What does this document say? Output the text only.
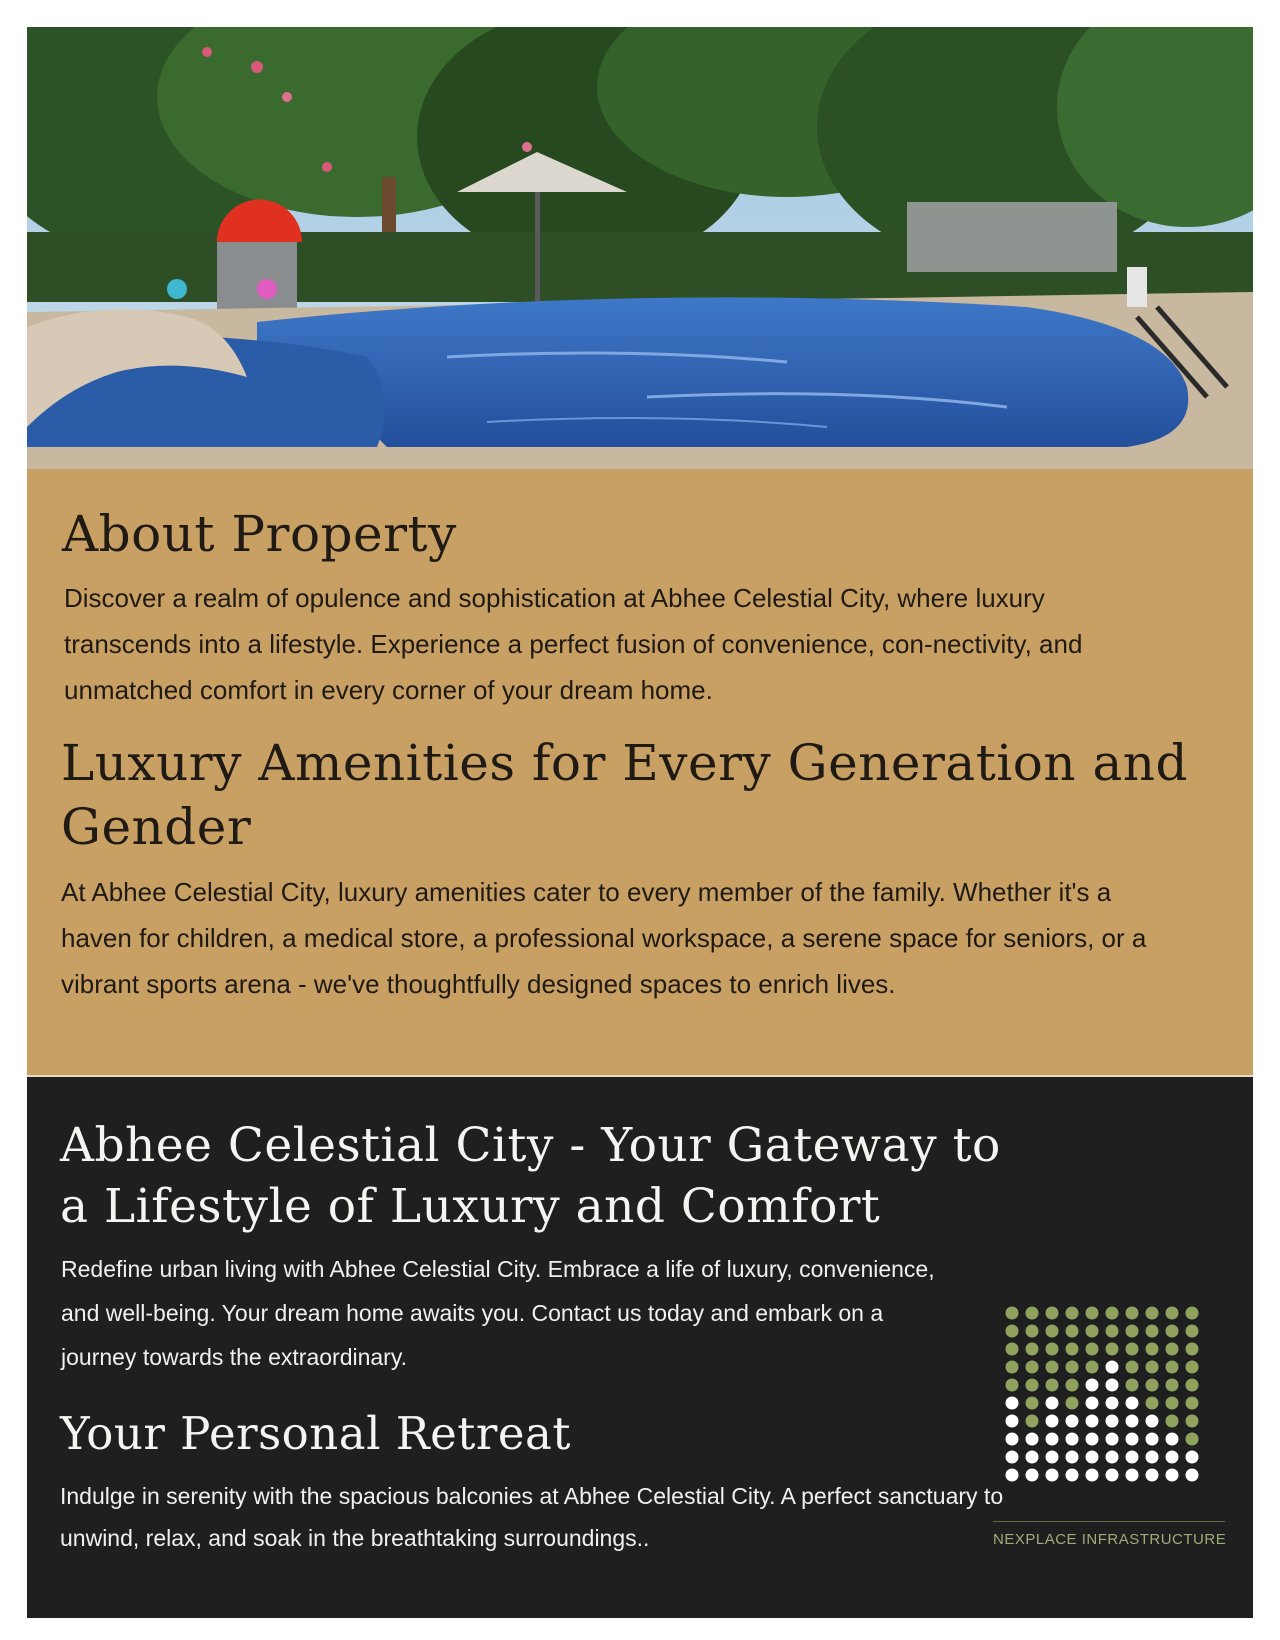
About Property

Discover a realm of opulence and sophistication at Abhee Celestial City, where luxury transcends into a lifestyle. Experience a perfect fusion of convenience, con-nectivity, and unmatched comfort in every corner of your dream home.

Luxury Amenities for Every Generation and Gender

At Abhee Celestial City, luxury amenities cater to every member of the family. Whether it's a haven for children, a medical store, a professional workspace, a serene space for seniors, or a vibrant sports arena - we've thoughtfully designed spaces to enrich lives.

Abhee Celestial City - Your Gateway to a Lifestyle of Luxury and Comfort

Redefine urban living with Abhee Celestial City. Embrace a life of luxury, convenience, and well-being. Your dream home awaits you. Contact us today and embark on a journey towards the extraordinary.

Your Personal Retreat

Indulge in serenity with the spacious balconies at Abhee Celestial City. A perfect sanctuary to unwind, relax, and soak in the breathtaking surroundings..	NEXPLACE INFRASTRUCTURE
